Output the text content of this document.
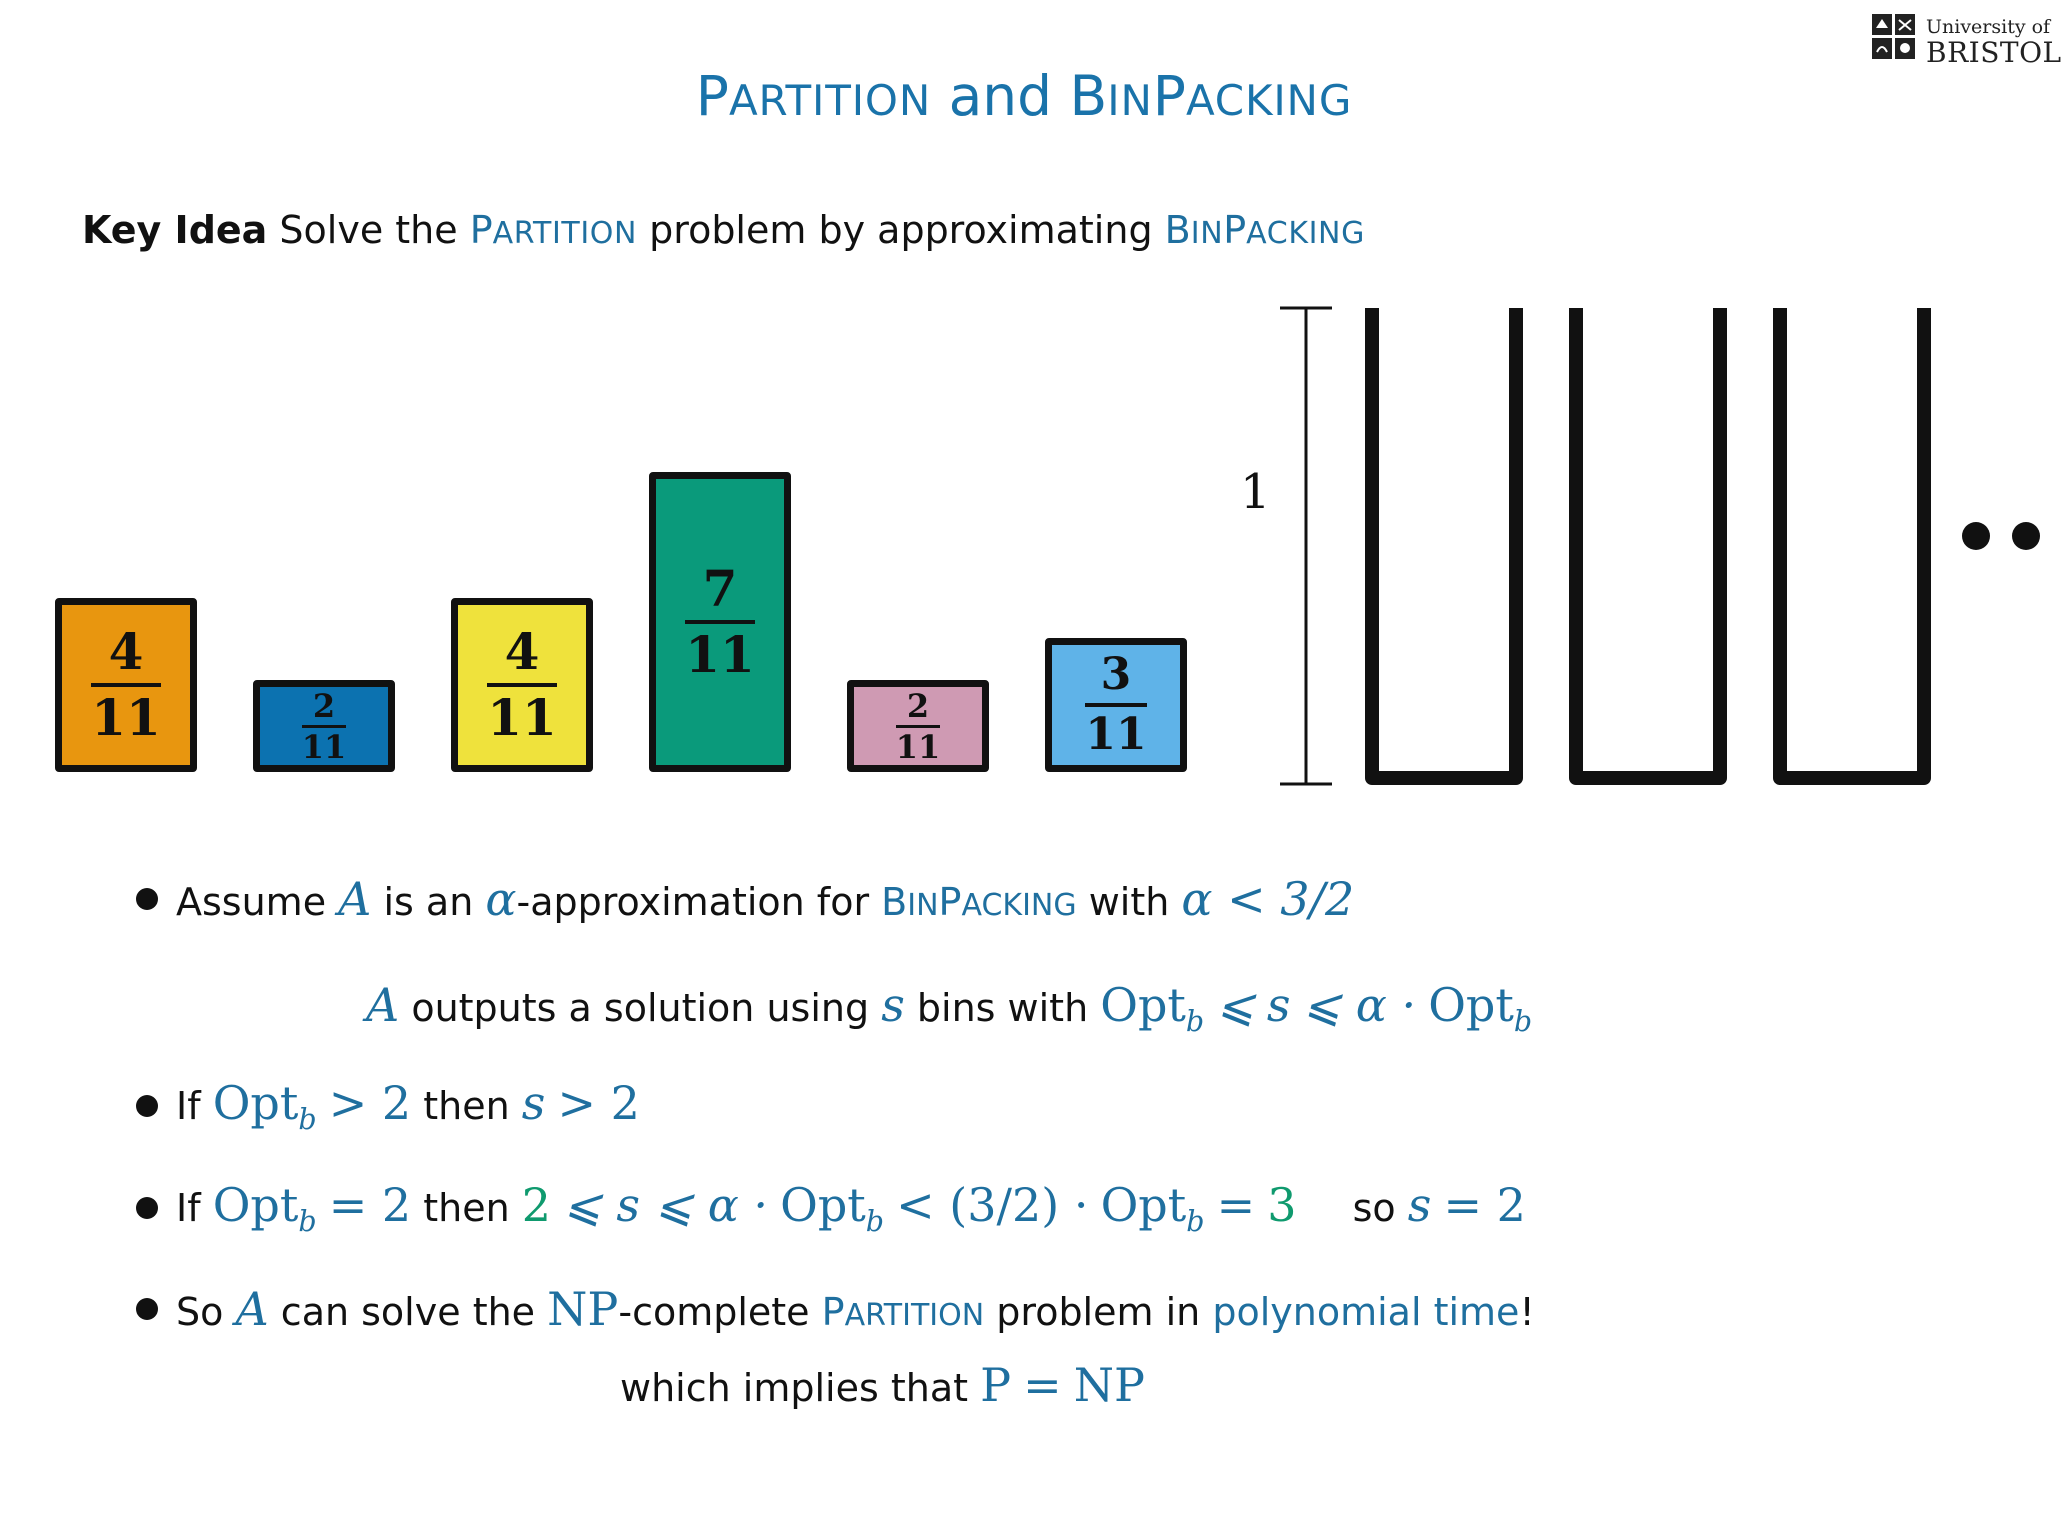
PARTITION and BINPACKING
University of
BRISTOL
Key Idea Solve the PARTITION problem by approximating BINPACKING
$\frac{4}{11}$	$\frac{2}{11}$	$\frac{4}{11}$
$\frac{7}{11}$
$\frac{2}{11}$	$\frac{3}{11}$
1
Assume A is an α-approximation for BINPACKING with α < 3/2
A outputs a solution using s bins with Opt$_b$ ⩽ s ⩽ α · Opt$_b$
If Opt$_b$ > 2 then s > 2
If Opt$_b$ = 2 then 2 ⩽ s ⩽ α · Opt$_b$ < (3/2) · Opt$_b$ = 3 so s = 2
So A can solve the NP-complete PARTITION problem in polynomial time!
which implies that P = NP
